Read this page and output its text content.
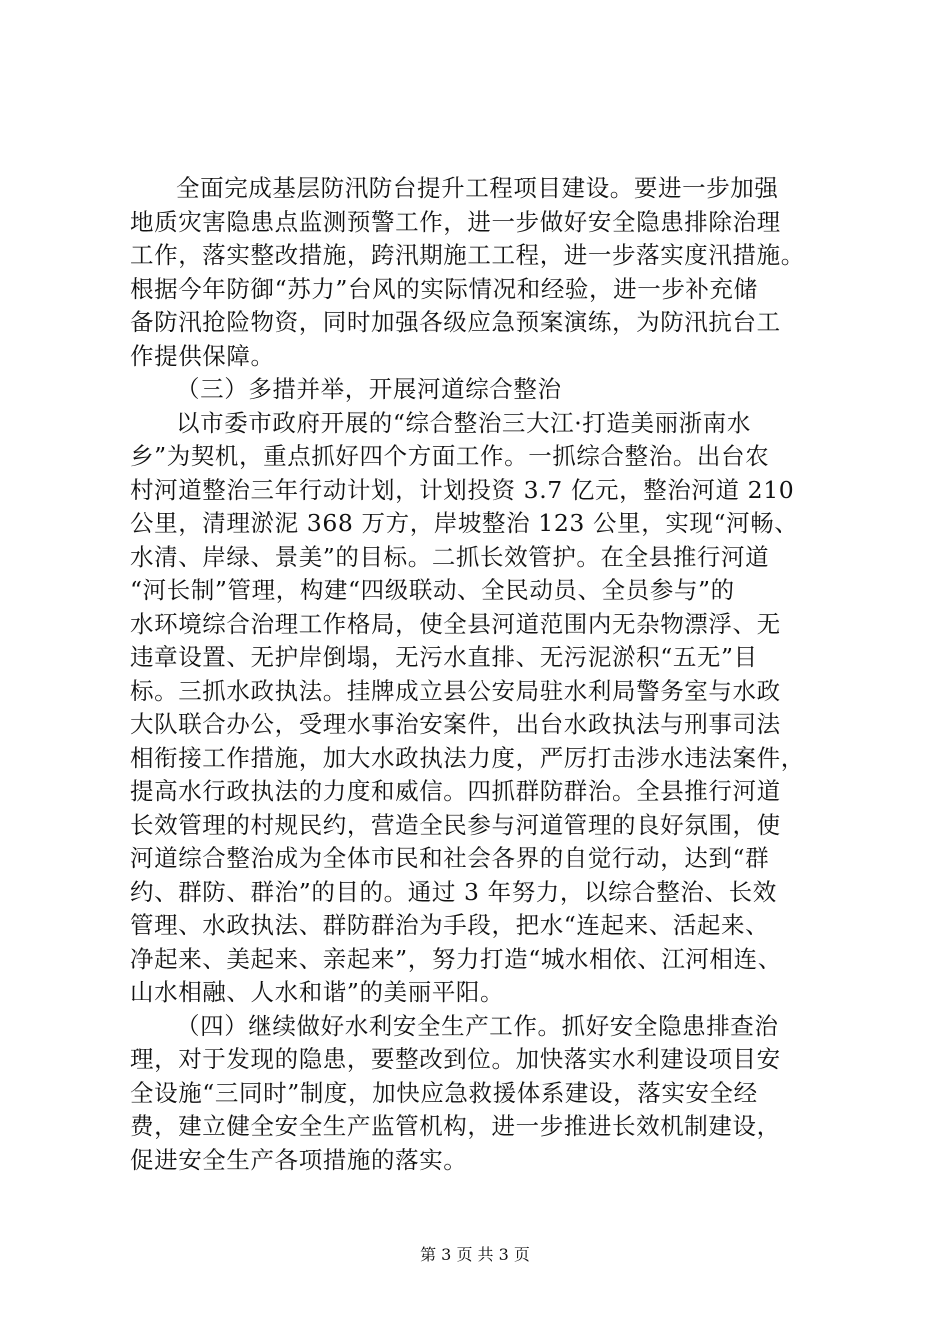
全面完成基层防汛防台提升工程项目建设。要进一步加强
地质灾害隐患点监测预警工作，进一步做好安全隐患排除治理
工作，落实整改措施，跨汛期施工工程，进一步落实度汛措施。
根据今年防御“苏力”台风的实际情况和经验，进一步补充储
备防汛抢险物资，同时加强各级应急预案演练，为防汛抗台工
作提供保障。
（三）多措并举，开展河道综合整治
以市委市政府开展的“综合整治三大江·打造美丽浙南水
乡”为契机，重点抓好四个方面工作。一抓综合整治。出台农
村河道整治三年行动计划，计划投资 3.7 亿元，整治河道 210
公里，清理淤泥 368 万方，岸坡整治 123 公里，实现“河畅、
水清、岸绿、景美”的目标。二抓长效管护。在全县推行河道
“河长制”管理，构建“四级联动、全民动员、全员参与”的
水环境综合治理工作格局，使全县河道范围内无杂物漂浮、无
违章设置、无护岸倒塌，无污水直排、无污泥淤积“五无”目
标。三抓水政执法。挂牌成立县公安局驻水利局警务室与水政
大队联合办公，受理水事治安案件，出台水政执法与刑事司法
相衔接工作措施，加大水政执法力度，严厉打击涉水违法案件，
提高水行政执法的力度和威信。四抓群防群治。全县推行河道
长效管理的村规民约，营造全民参与河道管理的良好氛围，使
河道综合整治成为全体市民和社会各界的自觉行动，达到“群
约、群防、群治”的目的。通过 3 年努力，以综合整治、长效
管理、水政执法、群防群治为手段，把水“连起来、活起来、
净起来、美起来、亲起来”，努力打造“城水相依、江河相连、
山水相融、人水和谐”的美丽平阳。
（四）继续做好水利安全生产工作。抓好安全隐患排查治
理，对于发现的隐患，要整改到位。加快落实水利建设项目安
全设施“三同时”制度，加快应急救援体系建设，落实安全经
费，建立健全安全生产监管机构，进一步推进长效机制建设，
促进安全生产各项措施的落实。
第 3 页 共 3 页
